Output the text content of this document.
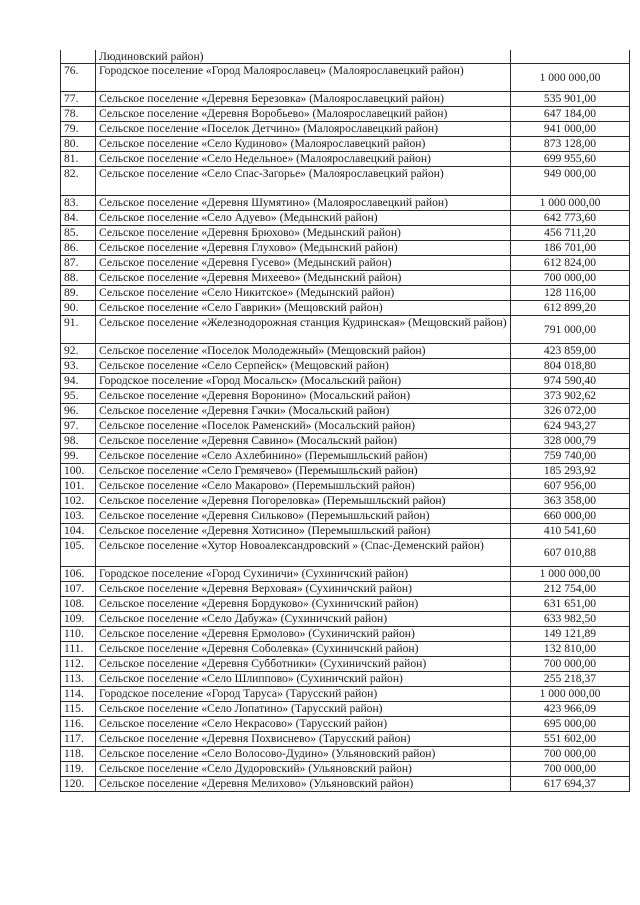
	Людиновский район)	
76.	Городское поселение «Город Малоярославец» (Малоярославецкий район)	1 000 000,00
77.	Сельское поселение «Деревня Березовка» (Малоярославецкий район)	535 901,00
78.	Сельское поселение «Деревня Воробьево» (Малоярославецкий район)	647 184,00
79.	Сельское поселение «Поселок Детчино» (Малоярославецкий район)	941 000,00
80.	Сельское поселение «Село Кудиново» (Малоярославецкий район)	873 128,00
81.	Сельское поселение «Село Недельное» (Малоярославецкий район)	699 955,60
82.	Сельское поселение «Село Спас-Загорье» (Малоярославецкий район)	949 000,00
83.	Сельское поселение «Деревня Шумятино» (Малоярославецкий район)	1 000 000,00
84.	Сельское поселение «Село Адуево» (Медынский район)	642 773,60
85.	Сельское поселение «Деревня Брюхово» (Медынский район)	456 711,20
86.	Сельское поселение «Деревня Глухово» (Медынский район)	186 701,00
87.	Сельское поселение «Деревня Гусево» (Медынский район)	612 824,00
88.	Сельское поселение «Деревня Михеево» (Медынский район)	700 000,00
89.	Сельское поселение «Село Никитское» (Медынский район)	128 116,00
90.	Сельское поселение «Село Гаврики» (Мещовский район)	612 899,20
91.	Сельское поселение «Железнодорожная станция Кудринская» (Мещовский район)	791 000,00
92.	Сельское поселение «Поселок Молодежный» (Мещовский район)	423 859,00
93.	Сельское поселение «Село Серпейск» (Мещовский район)	804 018,80
94.	Городское поселение «Город Мосальск» (Мосальский район)	974 590,40
95.	Сельское поселение «Деревня Воронино» (Мосальский район)	373 902,62
96.	Сельское поселение «Деревня Гачки» (Мосальский район)	326 072,00
97.	Сельское поселение «Поселок Раменский» (Мосальский район)	624 943,27
98.	Сельское поселение «Деревня Савино» (Мосальский район)	328 000,79
99.	Сельское поселение «Село Ахлебинино» (Перемышльский район)	759 740,00
100.	Сельское поселение «Село Гремячево» (Перемышльский район)	185 293,92
101.	Сельское поселение «Село Макарово» (Перемышльский район)	607 956,00
102.	Сельское поселение «Деревня Погореловка» (Перемышльский район)	363 358,00
103.	Сельское поселение «Деревня Сильково» (Перемышльский район)	660 000,00
104.	Сельское поселение «Деревня Хотисино» (Перемышльский район)	410 541,60
105.	Сельское поселение «Хутор Новоалександровский » (Спас-Деменский район)	607 010,88
106.	Городское поселение «Город Сухиничи» (Сухиничский район)	1 000 000,00
107.	Сельское поселение «Деревня Верховая» (Сухиничский район)	212 754,00
108.	Сельское поселение «Деревня Бордуково» (Сухиничский район)	631 651,00
109.	Сельское поселение «Село Дабужа» (Сухиничский район)	633 982,50
110.	Сельское поселение «Деревня Ермолово» (Сухиничский район)	149 121,89
111.	Сельское поселение «Деревня Соболевка» (Сухиничский район)	132 810,00
112.	Сельское поселение «Деревня Субботники» (Сухиничский район)	700 000,00
113.	Сельское поселение «Село Шлиппово» (Сухиничский район)	255 218,37
114.	Городское поселение «Город Таруса» (Тарусский район)	1 000 000,00
115.	Сельское поселение «Село Лопатино» (Тарусский район)	423 966,09
116.	Сельское поселение «Село Некрасово» (Тарусский район)	695 000,00
117.	Сельское поселение «Деревня Похвиснево» (Тарусский район)	551 602,00
118.	Сельское поселение «Село Волосово-Дудино» (Ульяновский район)	700 000,00
119.	Сельское поселение «Село Дудоровский» (Ульяновский район)	700 000,00
120.	Сельское поселение «Деревня Мелихово» (Ульяновский район)	617 694,37
